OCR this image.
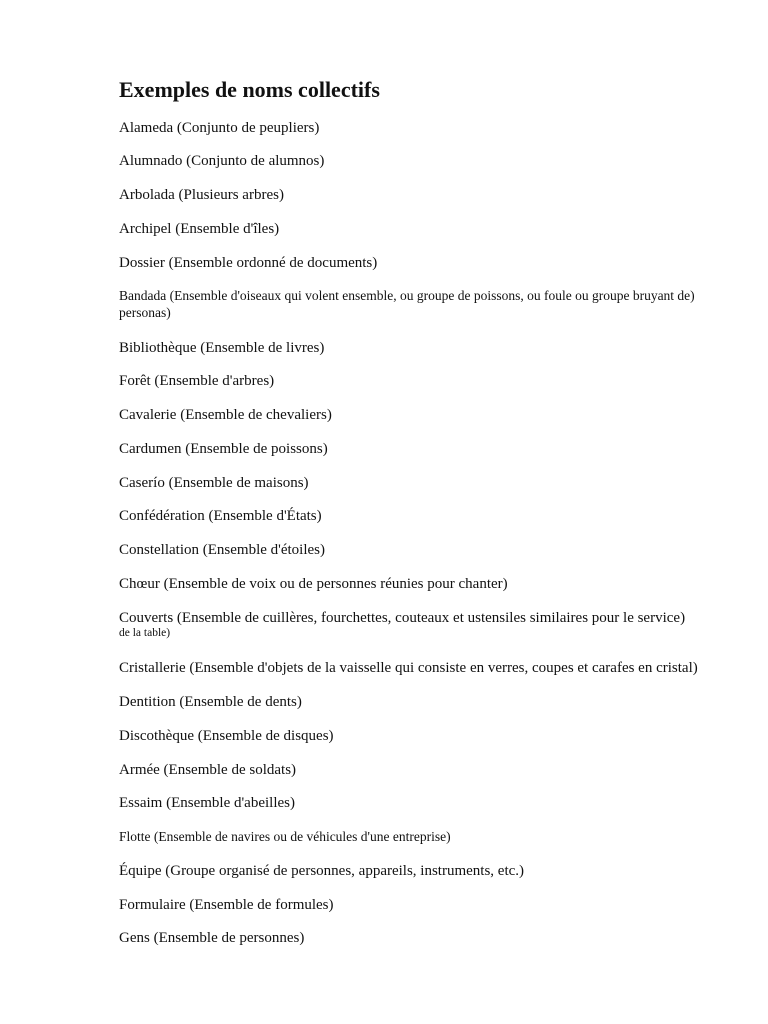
Exemples de noms collectifs
Alameda (Conjunto de peupliers)
Alumnado (Conjunto de alumnos)
Arbolada (Plusieurs arbres)
Archipel (Ensemble d'îles)
Dossier (Ensemble ordonné de documents)
Bandada (Ensemble d'oiseaux qui volent ensemble, ou groupe de poissons, ou foule ou groupe bruyant de) personas)
Bibliothèque (Ensemble de livres)
Forêt (Ensemble d'arbres)
Cavalerie (Ensemble de chevaliers)
Cardumen (Ensemble de poissons)
Caserío (Ensemble de maisons)
Confédération (Ensemble d'États)
Constellation (Ensemble d'étoiles)
Chœur (Ensemble de voix ou de personnes réunies pour chanter)
Couverts (Ensemble de cuillères, fourchettes, couteaux et ustensiles similaires pour le service)
de la table)
Cristallerie (Ensemble d'objets de la vaisselle qui consiste en verres, coupes et carafes en cristal)
Dentition (Ensemble de dents)
Discothèque (Ensemble de disques)
Armée (Ensemble de soldats)
Essaim (Ensemble d'abeilles)
Flotte (Ensemble de navires ou de véhicules d'une entreprise)
Équipe (Groupe organisé de personnes, appareils, instruments, etc.)
Formulaire (Ensemble de formules)
Gens (Ensemble de personnes)
